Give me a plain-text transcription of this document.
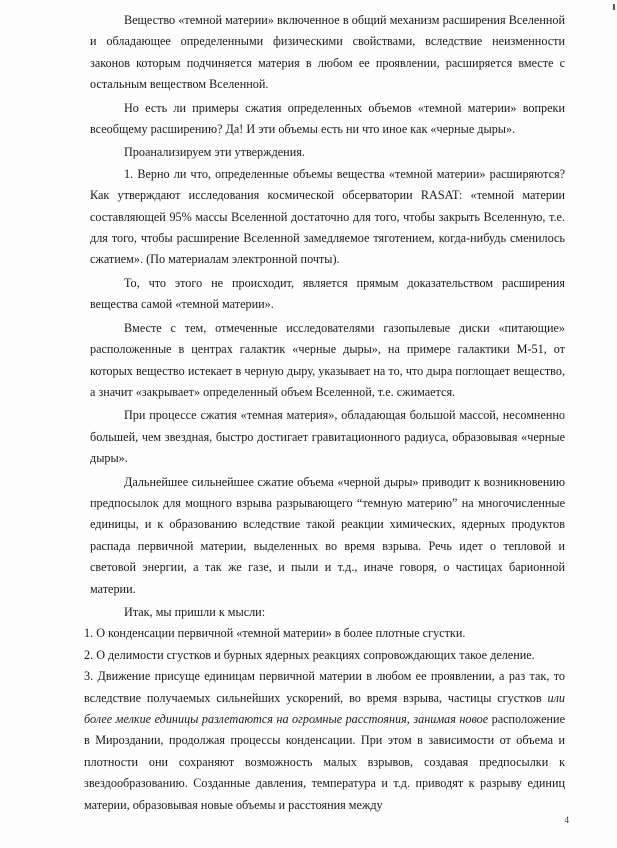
Вещество «темной материи» включенное в общий механизм расширения Вселенной и обладающее определенными физическими свойствами, вследствие неизменности законов которым подчиняется материя в любом ее проявлении, расширяется вместе с остальным веществом Вселенной.

Но есть ли примеры сжатия определенных объемов «темной материи» вопреки всеобщему расширению? Да! И эти объемы есть ни что иное как «черные дыры».

Проанализируем эти утверждения.

1. Верно ли что, определенные объемы вещества «темной материи» расширяются? Как утверждают исследования космической обсерватории RASAT: «темной материи составляющей 95% массы Вселенной достаточно для того, чтобы закрыть Вселенную, т.е. для того, чтобы расширение Вселенной замедляемое тяготением, когда-нибудь сменилось сжатием». (По материалам электронной почты).

То, что этого не происходит, является прямым доказательством расширения вещества самой «темной материи».

Вместе с тем, отмеченные исследователями газопылевые диски «питающие» расположенные в центрах галактик «черные дыры», на примере галактики М-51, от которых вещество истекает в черную дыру, указывает на то, что дыра поглощает вещество, а значит «закрывает» определенный объем Вселенной, т.е. сжимается.

При процессе сжатия «темная материя», обладающая большой массой, несомненно большей, чем звездная, быстро достигает гравитационного радиуса, образовывая «черные дыры».

Дальнейшее сильнейшее сжатие объема «черной дыры» приводит к возникновению предпосылок для мощного взрыва разрывающего “темную материю” на многочисленные единицы, и к образованию вследствие такой реакции химических, ядерных продуктов распада первичной материи, выделенных во время взрыва. Речь идет о тепловой и световой энергии, а так же газе, и пыли и т.д., иначе говоря, о частицах барионной материи.

Итак, мы пришли к мысли:

1. О конденсации первичной «темной материи» в более плотные сгустки.

2. О делимости сгустков и бурных ядерных реакциях сопровождающих такое деление.

3. Движение присуще единицам первичной материи в любом ее проявлении, а раз так, то вследствие получаемых сильнейших ускорений, во время взрыва, частицы сгустков или более мелкие единицы разлетаются на огромные расстояния, занимая новое расположение в Мироздании, продолжая процессы конденсации. При этом в зависимости от объема и плотности они сохраняют возможность малых взрывов, создавая предпосылки к звездообразованию. Созданные давления, температура и т.д. приводят к разрыву единиц материи, образовывая новые объемы и расстояния между

4
